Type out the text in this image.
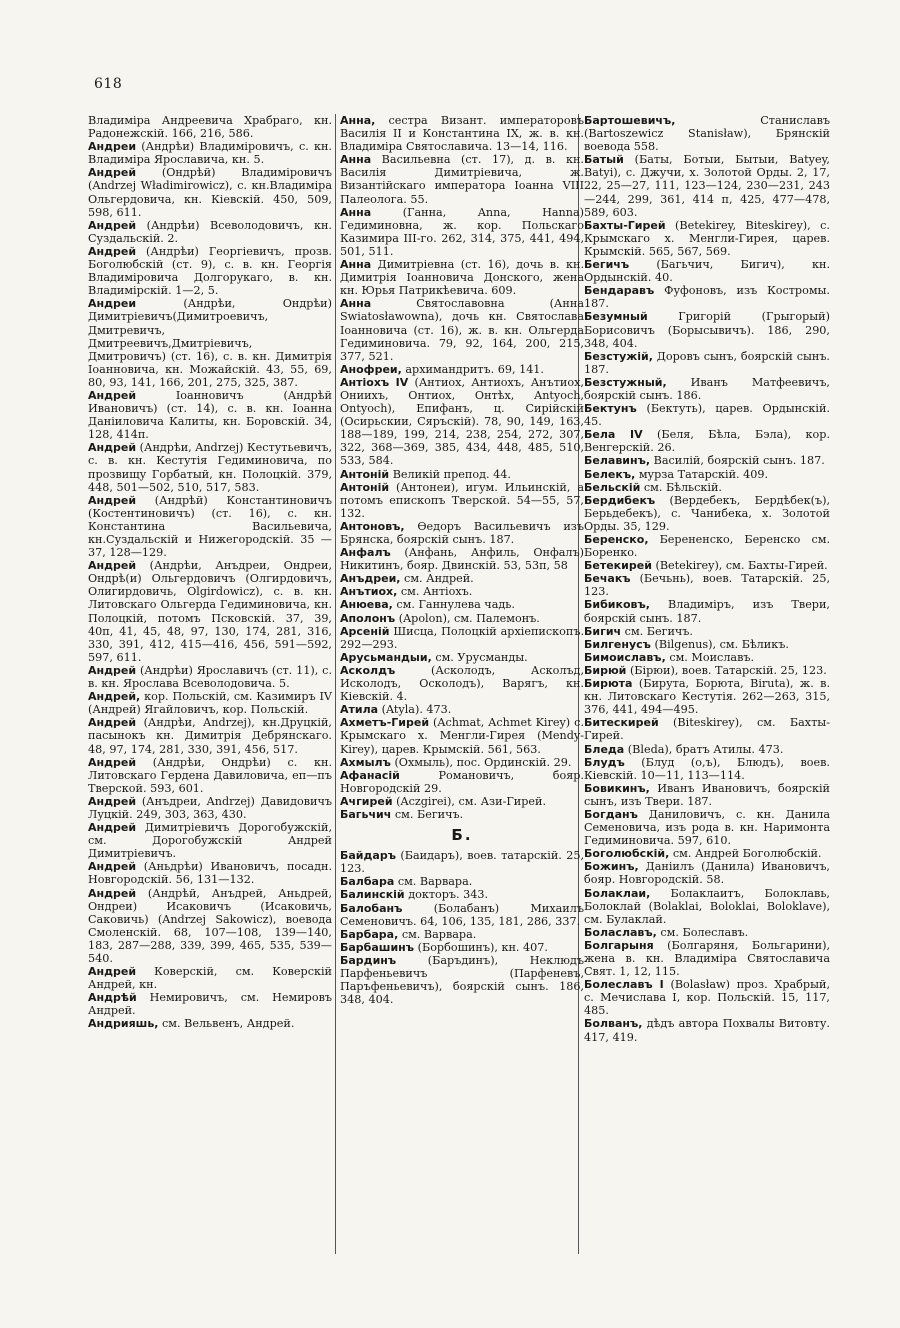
618
Владиміра Андреевича Храбраго, кн. Радонежскій. 166, 216, 586.
Андреи (Андрѣи) Владиміровичъ, с. кн. Владиміра Ярославича, кн. 5.
Андрей (Ондрѣй) Владиміровичъ (Andrzej Władimirowicz), с. кн.Владиміра Ольгердовича, кн. Кіевскій. 450, 509, 598, 611.
Андрей (Андрѣи) Всеволодовичъ, кн. Суздальскій. 2.
Андрей (Андрѣи) Георгіевичъ, прозв. Боголюбскій (ст. 9), с. в. кн. Георгія Владиміровича Долгорукаго, в. кн. Владимірскій. 1—2, 5.
Андреи	(Андрѣи, Ондрѣи) Димитріевичъ(Димитроевичъ, Дмитревичъ, Дмитреевичъ,Дмитріевичъ, Дмитровичъ) (ст. 16), с. в. кн. Димитрія Іоанновича, кн. Можайскій. 43, 55, 69, 80, 93, 141, 166, 201, 275, 325, 387.
Андрей	Іоанновичъ (Андрѣй Ивановичъ) (ст. 14), с. в. кн. Іоанна Даніиловича Калиты, кн. Боровскій. 34, 128, 414п.
Андрей (Андрѣи, Andrzej) Кестутьевичъ, с. в. кн. Кестутія Гедиминовича, по прозвищу Горбатый, кн. Полоцкій. 379, 448, 501—502, 510, 517, 583.
Андрей (Андрѣй) Константиновичъ (Костентиновичъ) (ст. 16), с. кн. Константина Васильевича, кн.Суздальскій и Нижегородскій. 35 — 37, 128—129.
Андрей (Андрѣи, Анъдреи, Ондреи, Ондрѣ(и) Ольгердовичъ (Олгирдовичъ, Олигирдовичь, Olgirdowicz), с. в. кн. Литовскаго Ольгерда Гедиминовича, кн. Полоцкій, потомъ Псковскій. 37, 39, 40п, 41, 45, 48, 97, 130, 174, 281, 316, 330, 391, 412, 415—416, 456, 591—592, 597, 611.
Андрей (Андрѣи) Ярославичъ (ст. 11), с. в. кн. Ярослава Всеволодовича. 5.
Андрей, кор. Польскій, см. Казимиръ IV (Андрей) Ягайловичъ, кор. Польскій.
Андрей (Андрѣи, Andrzej), кн.Друцкій, пасынокъ кн. Димитрія Дебрянскаго. 48, 97, 174, 281, 330, 391, 456, 517.
Андрей (Андрѣи, Ондрѣи) с. кн. Литовскаго Гердена Давиловича, еп—пъ Тверской. 593, 601.
Андрей (Анъдреи, Andrzej) Давидовичъ Луцкій. 249, 303, 363, 430.
Андрей Димитріевичъ Дорогобужскій, см. Дорогобужскій Андрей Димитріевичъ.
Андрей (Аньдрѣи) Ивановичъ, посадн. Новгородскій. 56, 131—132.
Андрей (Андрѣй, Анъдрей, Аньдрей, Ондреи) Исаковичъ (Исаковичь, Саковичь) (Andrzej Sakowicz), воевода Смоленскій. 68, 107—108, 139—140, 183, 287—288, 339, 399, 465, 535, 539—540.
Андрей Коверскій, см. Коверскій Андрей, кн.
Андрѣй Немировичъ, см. Немировъ Андрей.
Андрияшь, см. Вельвенъ, Андрей.
Анна, сестра Визант. императоровъ Василія II и Константина IX, ж. в. кн. Владиміра Святославича. 13—14, 116.
Анна Васильевна (ст. 17), д. в. кн. Василія Димитріевича, ж. Византійскаго императора Іоанна VIII Палеолога. 55.
Анна	(Ганна, Anna, Hanna) Гедиминовна, ж. кор. Польскаго Казимира III-го. 262, 314, 375, 441, 494, 501, 511.
Анна Димитріевна (ст. 16), дочь в. кн. Димитрія Іоанновича Донского, жена кн. Юрья Патрикѣевича. 609.
Анна	Святославовна (Анна Swiatosławowna), дочь кн. Святослава Іоанновича (ст. 16), ж. в. кн. Ольгерда Гедиминовича. 79, 92, 164, 200, 215, 377, 521.
Анофреи, архимандритъ. 69, 141.
Антіохъ IV (Антиох, Антиохъ, Анътиох, Ониихъ, Онтиох, Онтѣх, Antyoch, Ontyoch), Епифанъ, ц. Сирійскій (Осирьскии, Сяръскій). 78, 90, 149, 163, 188—189, 199, 214, 238, 254, 272, 307, 322, 368—369, 385, 434, 448, 485, 510, 533, 584.
Антоній Великій препод. 44.
Антоній (Антонеи), игум. Ильинскій, а потомъ епископъ Тверской. 54—55, 57, 132.
Антоновъ, Өедоръ Васильевичъ изъ Брянска, боярскій сынъ. 187.
Анфалъ (Анфань, Анфиль, Онфалъ) Никитинъ, бояр. Двинскій. 53, 53п, 58
Анъдреи, см. Андрей.
Анътиох, см. Антіохъ.
Анюева, см. Ганнулева чадь.
Аполонъ (Apolon), см. Палемонъ.
Арсеній Шисца, Полоцкій архіепископъ. 292—293.
Арусьмандыи, см. Урусманды.
Асколдъ	(Асколодъ, Асколъд, Исколодъ, Осколодъ), Варягъ, кн. Кіевскій. 4.
Атила (Atyla). 473.
Ахметъ-Гирей (Achmat, Achmet Kirey) с. Крымскаго х. Менгли-Гирея (Mendy-Kirey), царев. Крымскій. 561, 563.
Ахмылъ (Охмыль), пос. Ординскій. 29.
Афанасій	Романовичъ, бояр. Новгородскій 29.
Ачгирей (Aczgirei), см. Ази-Гирей.
Багьчич см. Бегичъ.
Б.
Байдаръ (Баидаръ), воев. татарскій. 25, 123.
Балбара см. Варвара.
Балинскій докторъ. 343.
Балобанъ	(Болабанъ) Михаилъ Семеновичъ. 64, 106, 135, 181, 286, 337.
Барбара, см. Варвара.
Барбашинъ (Борбошинъ), кн. 407.
Бардинъ	(Баръдинъ), Неклюдъ Парфеньевичъ (Парфеневъ, Паръфеньевичъ), боярскій сынъ. 186, 348, 404.
Бартошевичъ,	Станиславъ (Bartoszewicz Stanisław), Брянскій воевода 558.
Батый (Баты, Ботыи, Бытыи, Batyey, Batyi), с. Джучи, х. Золотой Орды. 2, 17, 22, 25—27, 111, 123—124, 230—231, 243—244, 299, 361, 414 п, 425, 477—478, 589, 603.
Бахты-Гирей (Betekirey, Biteskirey), с. Крымскаго х. Менгли-Гирея, царев. Крымскій. 565, 567, 569.
Бегичъ (Багьчич, Бигич), кн. Ордынскій. 40.
Бендаравъ Фуфоновъ, изъ Костромы. 187.
Безумный	Григорій (Грыгорый) Борисовичъ (Борысывичъ). 186, 290, 348, 404.
Безстужій, Доровъ сынъ, боярскій сынъ. 187.
Безстужный, Иванъ Матфеевичъ, боярскій сынъ. 186.
Бектунъ (Бектуть), царев. Ордынскій. 45.
Бела IV (Беля, Бѣла, Бэла), кор. Венгерскій. 26.
Белавинъ, Василій, боярскій сынъ. 187.
Белекъ, мурза Татарскій. 409.
Бельскій см. Бѣльскій.
Бердибекъ (Вердебекъ, Бердѣбек(ъ), Берьдебекъ), с. Чанибека, х. Золотой Орды. 35, 129.
Беренско, Берененско, Беренско см. Боренко.
Бетекирей (Betekirey), см. Бахты-Гирей.
Бечакъ (Бечьнь), воев. Татарскій. 25, 123.
Бибиковъ, Владиміръ, изъ Твери, боярскій сынъ. 187.
Бигич см. Бегичъ.
Билгенусъ (Bilgenus), см. Бѣликъ.
Бимоиславъ, см. Моиславъ.
Бирюй (Бірюи), воев. Татарскій. 25, 123.
Бирюта (Бирута, Борюта, Biruta), ж. в. кн. Литовскаго Кестутія. 262—263, 315, 376, 441, 494—495.
Битескирей (Biteskirey), см. Бахты-Гирей.
Бледа (Bleda), братъ Атилы. 473.
Блудъ (Блуд (о,ъ), Блюдъ), воев. Кіевскій. 10—11, 113—114.
Бовикинъ, Иванъ Ивановичъ, боярскій сынъ, изъ Твери. 187.
Богданъ Даниловичъ, с. кн. Данила Семеновича, изъ рода в. кн. Наримонта Гедиминовича. 597, 610.
Боголюбскій, см. Андрей Боголюбскій.
Божинъ, Даніилъ (Данила) Ивановичъ, бояр. Новгородскій. 58.
Болаклаи, Болаклаитъ, Болоклавь, Болоклай (Bolaklai, Boloklai, Boloklave), см. Булаклай.
Болаславъ, см. Болеславъ.
Болгарыня (Болгаряня, Больгарини), жена в. кн. Владиміра Святославича Свят. 1, 12, 115.
Болеславъ I (Bolasław) проз. Храбрый, с. Мечислава I, кор. Польскій. 15, 117, 485.
Болванъ, дѣдъ автора Похвалы Витовту. 417, 419.
